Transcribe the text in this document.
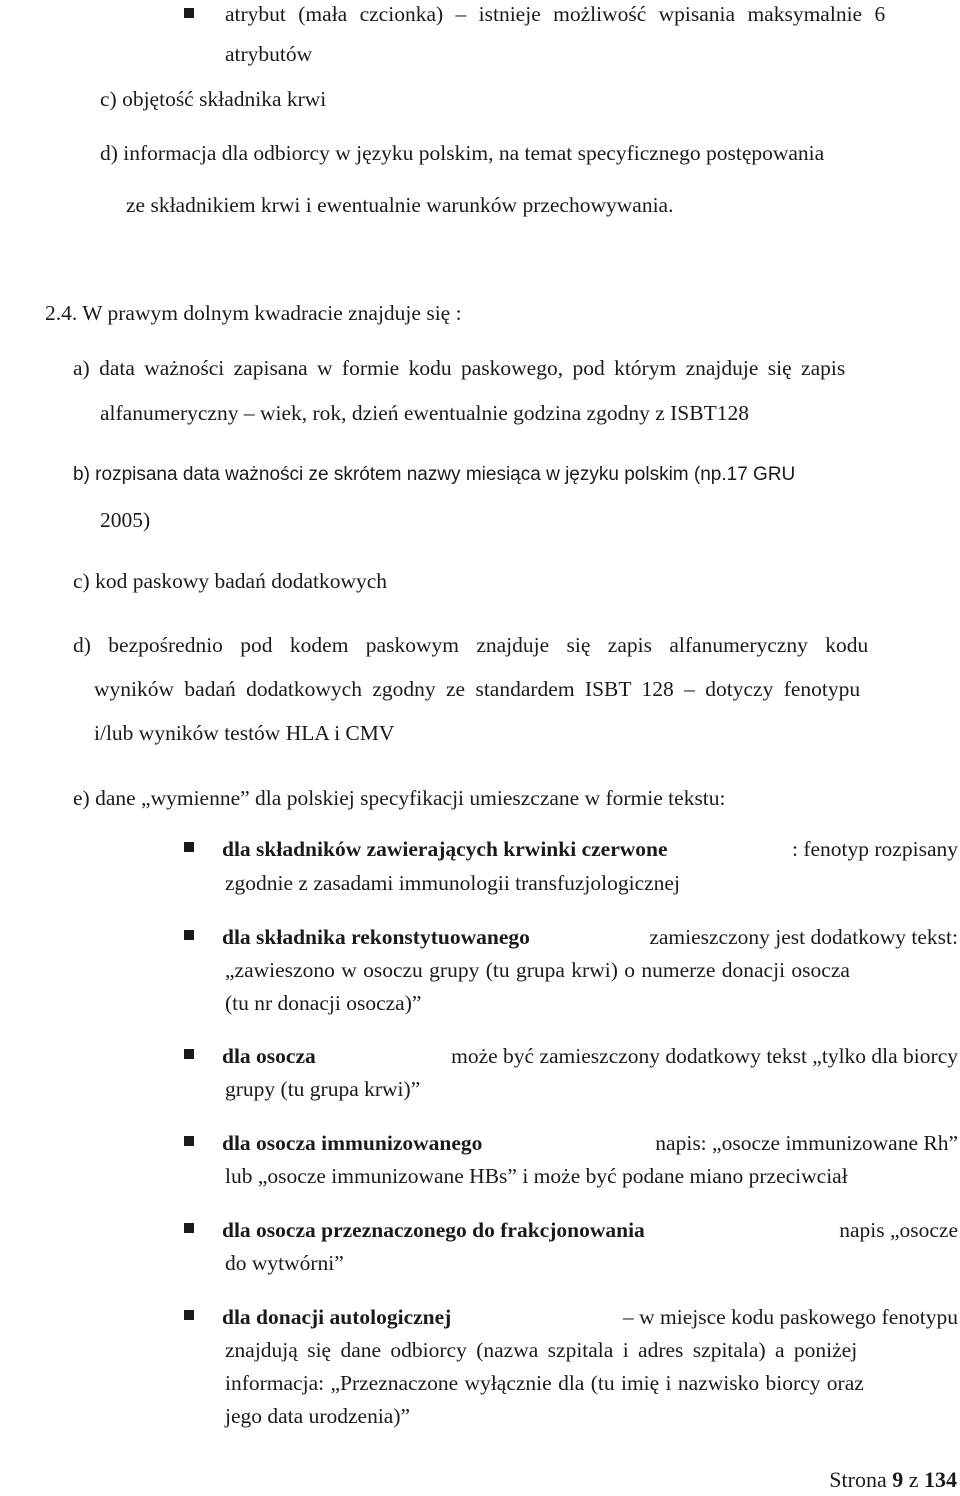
atrybut (mała czcionka) – istnieje możliwość wpisania maksymalnie 6
atrybutów
c) objętość składnika krwi
d) informacja dla odbiorcy w języku polskim, na temat specyficznego postępowania
ze składnikiem krwi i ewentualnie warunków przechowywania.
2.4. W prawym dolnym kwadracie znajduje się :
a) data ważności zapisana w formie kodu paskowego, pod którym znajduje się zapis
alfanumeryczny – wiek, rok, dzień ewentualnie godzina zgodny z ISBT128
b) rozpisana data ważności ze skrótem nazwy miesiąca w języku polskim (np.17 GRU
2005)
c) kod paskowy badań dodatkowych
d) bezpośrednio pod kodem paskowym znajduje się zapis alfanumeryczny kodu
wyników badań dodatkowych zgodny ze standardem ISBT 128 – dotyczy fenotypu
i/lub wyników testów HLA i CMV
e) dane „wymienne” dla polskiej specyfikacji umieszczane w formie tekstu:
dla składników zawierających krwinki czerwone	: fenotyp rozpisany
zgodnie z zasadami immunologii transfuzjologicznej
dla składnika rekonstytuowanego	zamieszczony jest dodatkowy tekst:
„zawieszono w osoczu grupy (tu grupa krwi) o numerze donacji osocza
(tu nr donacji osocza)”
dla osocza	może być zamieszczony dodatkowy tekst „tylko dla biorcy
grupy (tu grupa krwi)”
dla osocza immunizowanego	napis: „osocze immunizowane Rh”
lub „osocze immunizowane HBs” i może być podane miano przeciwciał
dla osocza przeznaczonego do frakcjonowania	napis „osocze
do wytwórni”
dla donacji autologicznej	– w miejsce kodu paskowego fenotypu
znajdują się dane odbiorcy (nazwa szpitala i adres szpitala) a poniżej
informacja: „Przeznaczone wyłącznie dla (tu imię i nazwisko biorcy oraz
jego data urodzenia)”
Strona 9 z 134
